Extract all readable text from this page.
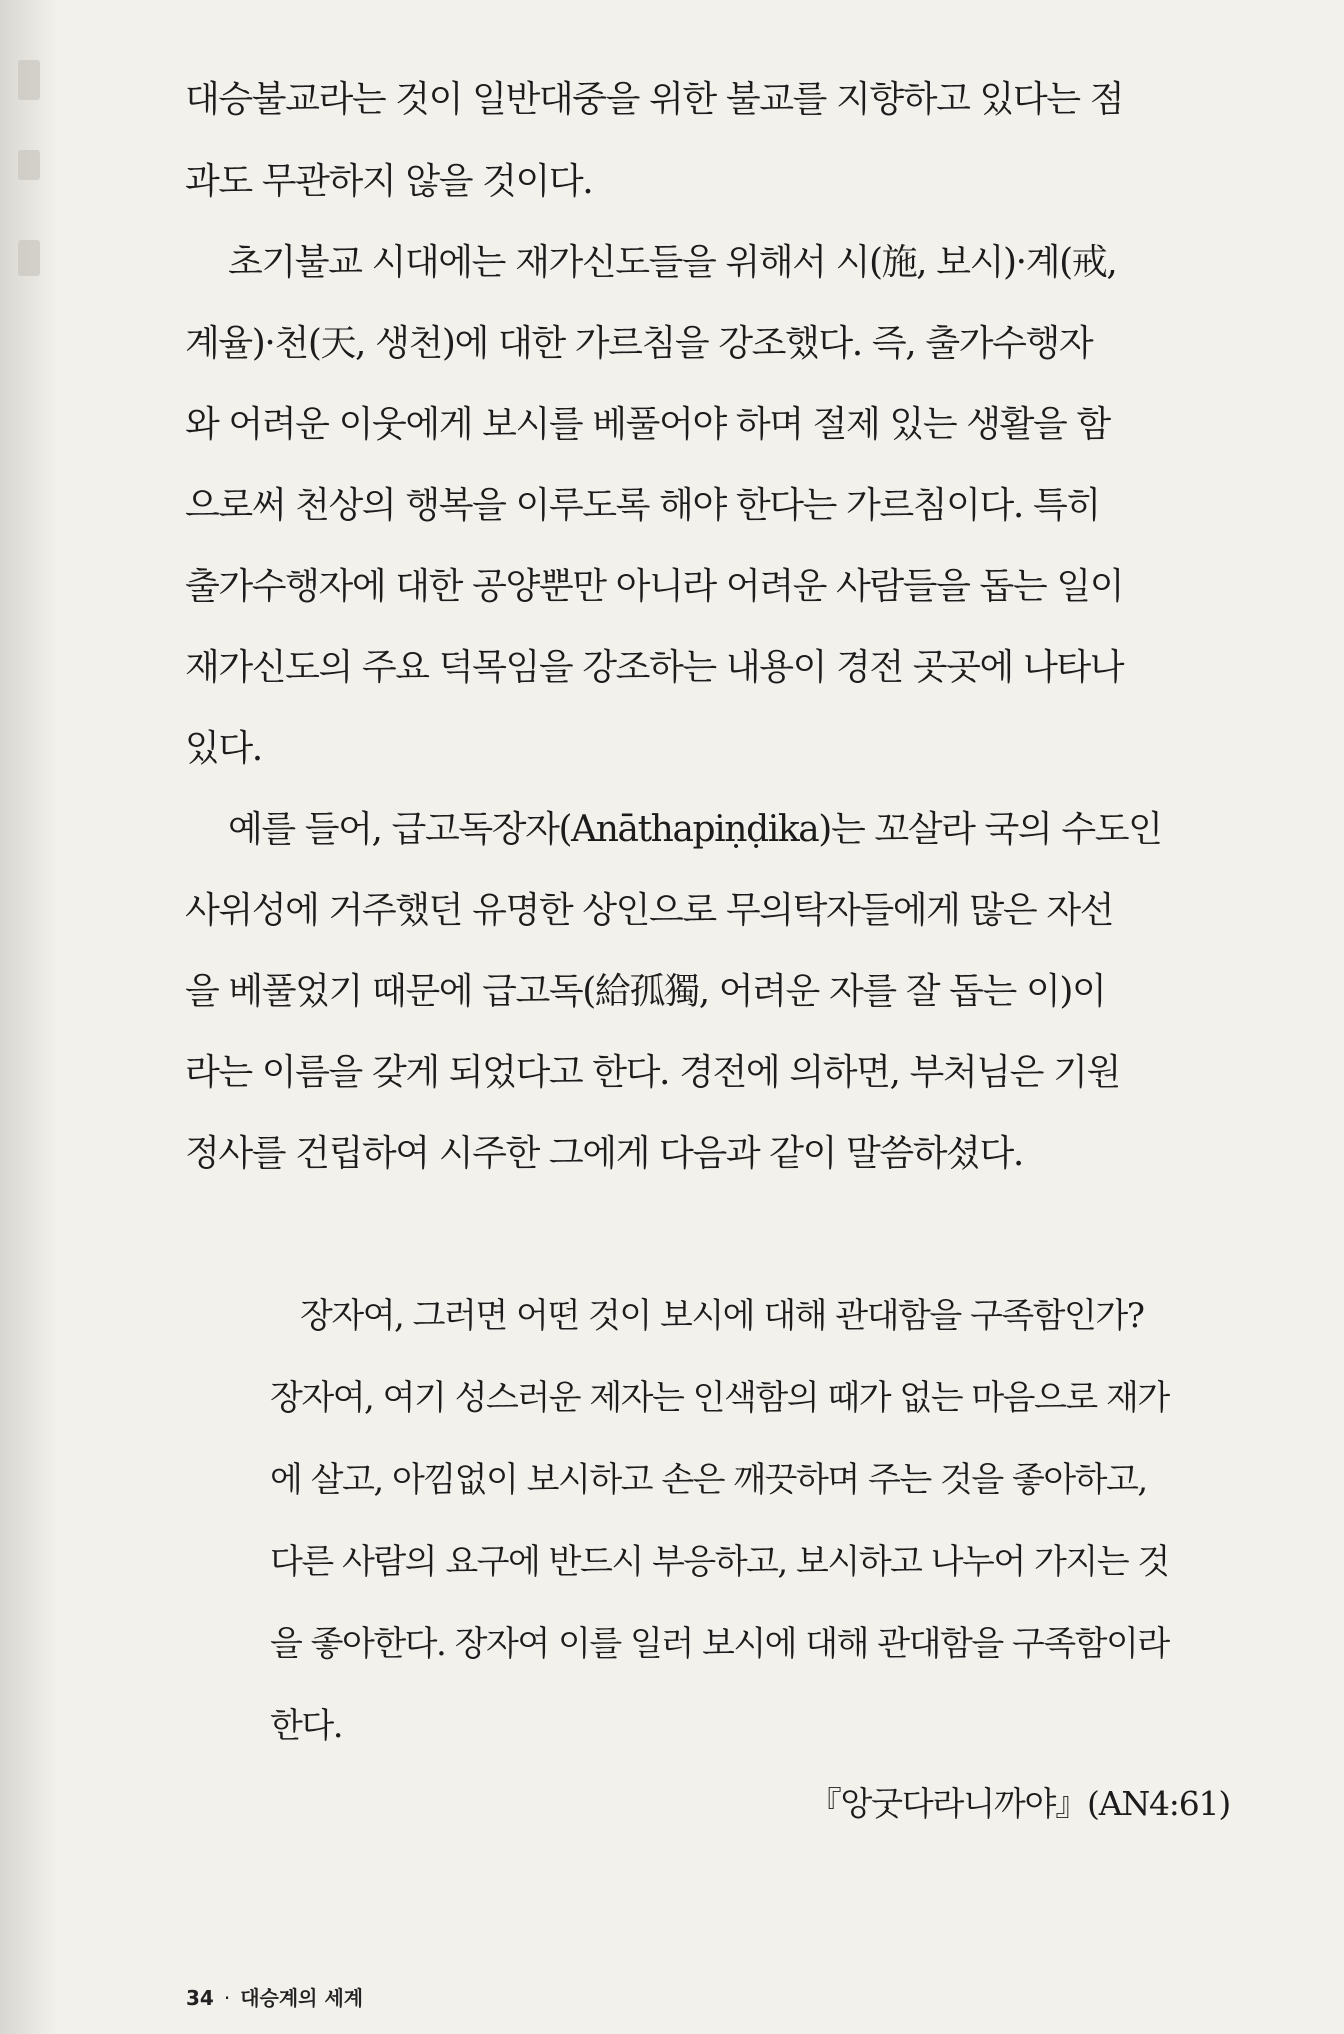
대승불교라는 것이 일반대중을 위한 불교를 지향하고 있다는 점
과도 무관하지 않을 것이다.
초기불교 시대에는 재가신도들을 위해서 시(施, 보시)·계(戒,
계율)·천(天, 생천)에 대한 가르침을 강조했다. 즉, 출가수행자
와 어려운 이웃에게 보시를 베풀어야 하며 절제 있는 생활을 함
으로써 천상의 행복을 이루도록 해야 한다는 가르침이다. 특히
출가수행자에 대한 공양뿐만 아니라 어려운 사람들을 돕는 일이
재가신도의 주요 덕목임을 강조하는 내용이 경전 곳곳에 나타나
있다.
예를 들어, 급고독장자(Anāthapiṇḍika)는 꼬살라 국의 수도인
사위성에 거주했던 유명한 상인으로 무의탁자들에게 많은 자선
을 베풀었기 때문에 급고독(給孤獨, 어려운 자를 잘 돕는 이)이
라는 이름을 갖게 되었다고 한다. 경전에 의하면, 부처님은 기원
정사를 건립하여 시주한 그에게 다음과 같이 말씀하셨다.
장자여, 그러면 어떤 것이 보시에 대해 관대함을 구족함인가?
장자여, 여기 성스러운 제자는 인색함의 때가 없는 마음으로 재가
에 살고, 아낌없이 보시하고 손은 깨끗하며 주는 것을 좋아하고,
다른 사람의 요구에 반드시 부응하고, 보시하고 나누어 가지는 것
을 좋아한다. 장자여 이를 일러 보시에 대해 관대함을 구족함이라
한다.
『앙굿다라니까야』(AN4:61)
34 · 대승계의 세계
